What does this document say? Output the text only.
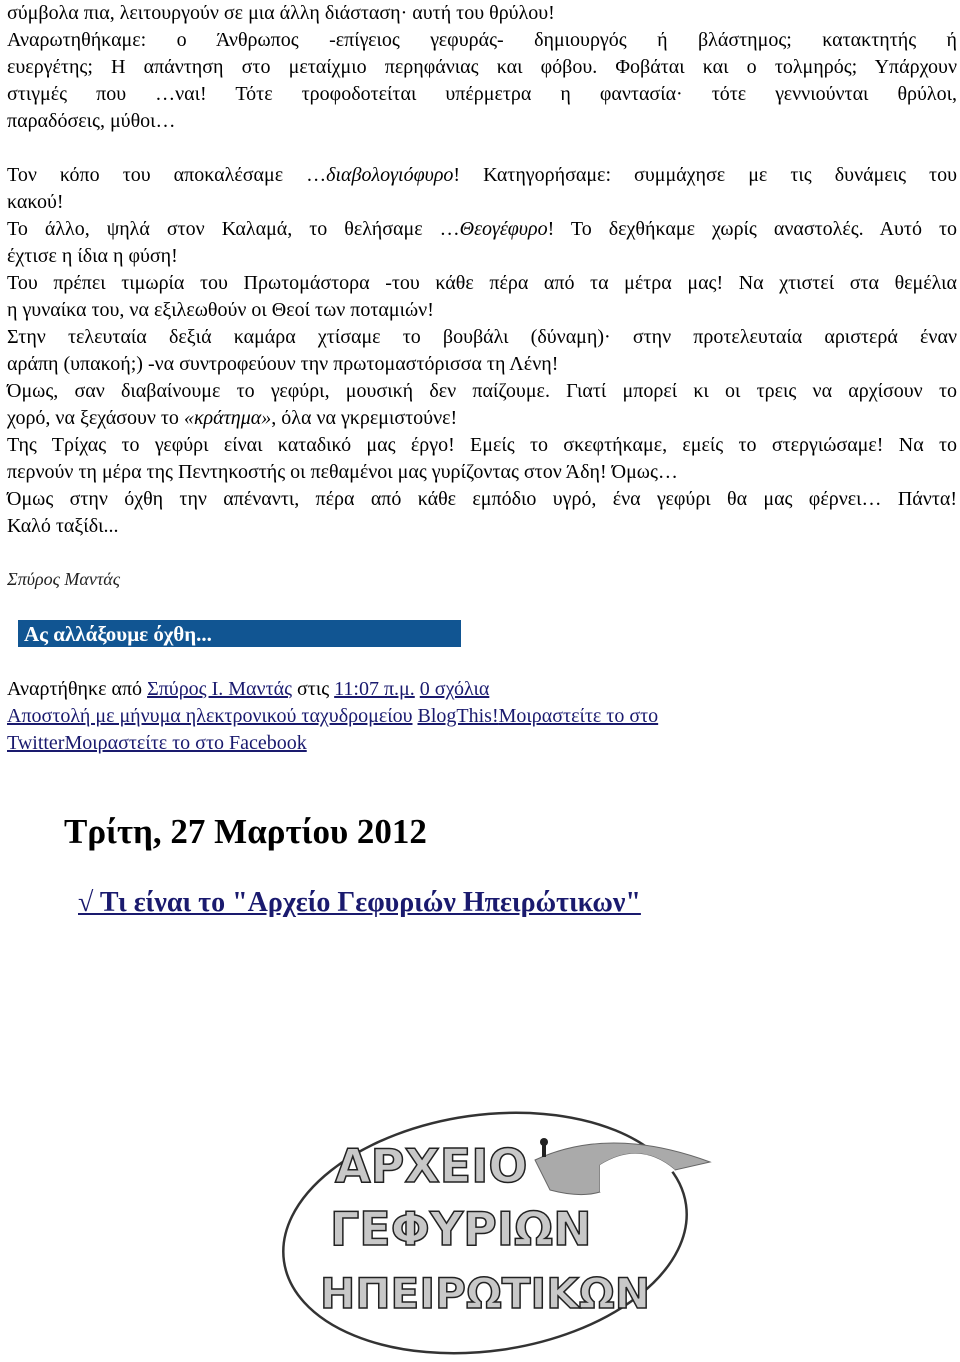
σύμβολα πια, λειτουργούν σε μια άλλη διάσταση· αυτή του θρύλου!
Αναρωτηθήκαμε: ο Άνθρωπος -επίγειος γεφυράς- δημιουργός ή βλάστημος; κατακτητής ή
ευεργέτης; Η απάντηση στο μεταίχμιο περηφάνιας και φόβου. Φοβάται και ο τολμηρός; Υπάρχουν
στιγμές που …ναι! Τότε τροφοδοτείται υπέρμετρα η φαντασία· τότε γεννιούνται θρύλοι,
παραδόσεις, μύθοι…
Τον κόπο του αποκαλέσαμε …διαβολογιόφυρο! Κατηγορήσαμε: συμμάχησε με τις δυνάμεις του
κακού!
Το άλλο, ψηλά στον Καλαμά, το θελήσαμε …Θεογέφυρο! Το δεχθήκαμε χωρίς αναστολές. Αυτό το
έχτισε η ίδια η φύση!
Του πρέπει τιμωρία του Πρωτομάστορα -του κάθε πέρα από τα μέτρα μας! Να χτιστεί στα θεμέλια
η γυναίκα του, να εξιλεωθούν οι Θεοί των ποταμιών!
Στην τελευταία δεξιά καμάρα χτίσαμε το βουβάλι (δύναμη)· στην προτελευταία αριστερά έναν
αράπη (υπακοή;) -να συντροφεύουν την πρωτομαστόρισσα τη Λένη!
Όμως, σαν διαβαίνουμε το γεφύρι, μουσική δεν παίζουμε. Γιατί μπορεί κι οι τρεις να αρχίσουν το
χορό, να ξεχάσουν το «κράτημα», όλα να γκρεμιστούνε!
Της Τρίχας το γεφύρι είναι καταδικό μας έργο! Εμείς το σκεφτήκαμε, εμείς το στεργιώσαμε! Να το
περνούν τη μέρα της Πεντηκοστής οι πεθαμένοι μας γυρίζοντας στον Άδη! Όμως…
Όμως στην όχθη την απέναντι, πέρα από κάθε εμπόδιο υγρό, ένα γεφύρι θα μας φέρνει… Πάντα!
Καλό ταξίδι...
Σπύρος Μαντάς
Ας αλλάξουμε όχθη...
Αναρτήθηκε από Σπύρος Ι. Μαντάς στις 11:07 π.μ. 0 σχόλια
Αποστολή με μήνυμα ηλεκτρονικού ταχυδρομείου BlogThis!Μοιραστείτε το στο TwitterΜοιραστείτε το στο Facebook
Τρίτη, 27 Μαρτίου 2012
√ Τι είναι το "Αρχείο Γεφυριών Ηπειρώτικων"
ΑΡΧΕΙΟ
ΓΕΦΥΡΙΩΝ
ΗΠΕΙΡΩΤΙΚΩΝ
